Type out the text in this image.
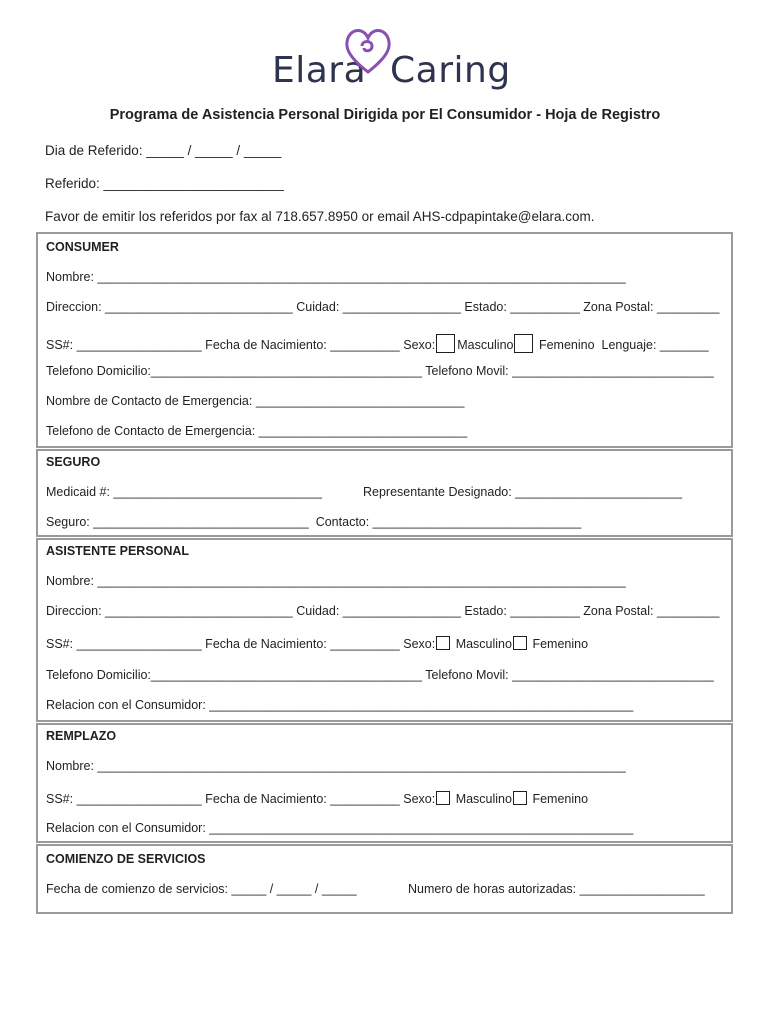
Elara Caring
Programa de Asistencia Personal Dirigida por El Consumidor - Hoja de Registro
Dia de Referido: _____ / _____ / _____
Referido: ________________________
Favor de emitir los referidos por fax al 718.657.8950 or email AHS-cdpapintake@elara.com.
CONSUMER
Nombre: ____________________________________________________________________________
Direccion: ___________________________ Cuidad: _________________ Estado: __________ Zona Postal: _________
SS#: __________________ Fecha de Nacimiento: __________ Sexo: Masculino Femenino  Lenguaje: _______
Telefono Domicilio:_______________________________________ Telefono Movil: _____________________________
Nombre de Contacto de Emergencia: ______________________________
Telefono de Contacto de Emergencia: ______________________________
SEGURO
Medicaid #: ______________________________	Representante Designado: ________________________
Seguro: _______________________________  Contacto: ______________________________
ASISTENTE PERSONAL
Nombre: ____________________________________________________________________________
Direccion: ___________________________ Cuidad: _________________ Estado: __________ Zona Postal: _________
SS#: __________________ Fecha de Nacimiento: __________ Sexo: Masculino Femenino
Telefono Domicilio:_______________________________________ Telefono Movil: _____________________________
Relacion con el Consumidor: _____________________________________________________________
REMPLAZO
Nombre: ____________________________________________________________________________
SS#: __________________ Fecha de Nacimiento: __________ Sexo: Masculino Femenino
Relacion con el Consumidor: _____________________________________________________________
COMIENZO DE SERVICIOS
Fecha de comienzo de servicios: _____ / _____ / _____	Numero de horas autorizadas: __________________
